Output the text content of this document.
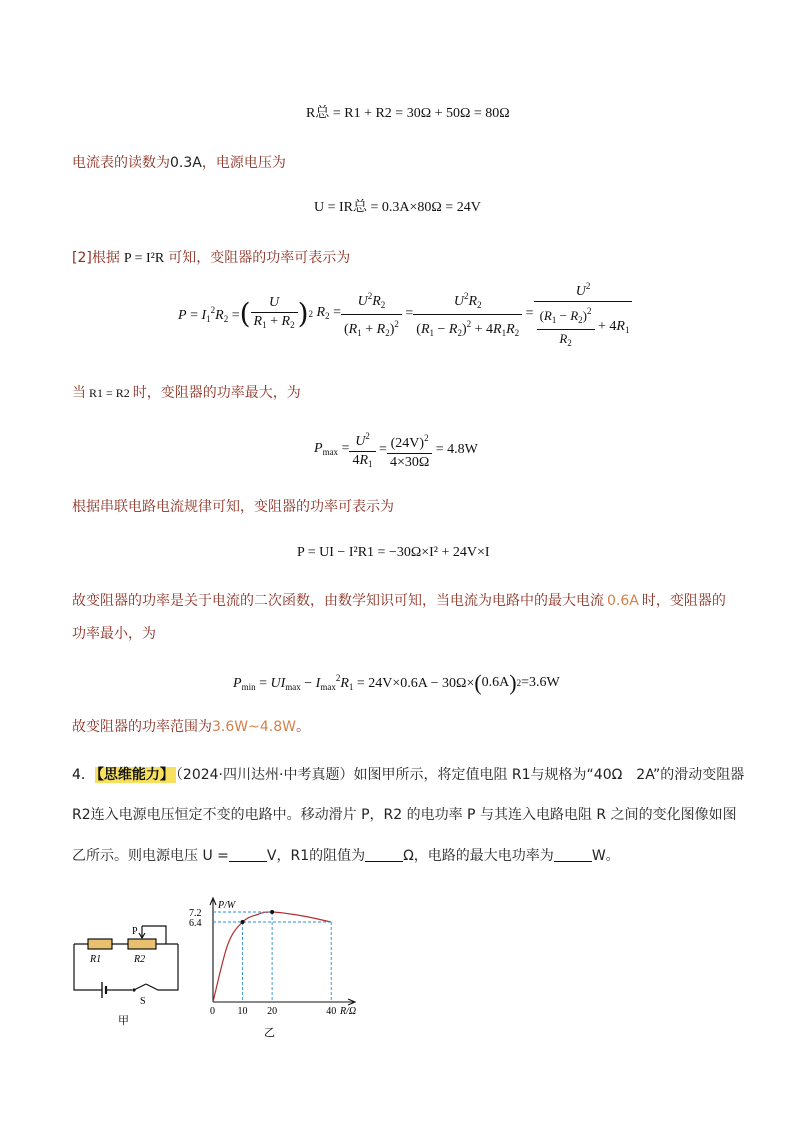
R总 = R1 + R2 = 30Ω + 50Ω = 80Ω
电流表的读数为0.3A，电源电压为
U = IR总 = 0.3A×80Ω = 24V
[2]根据 P = I²R 可知，变阻器的功率可表示为
$P = I_1^2R_2$ = ( $\frac{U}{R_1 + R_2}$ ) 2 $R_2 = \frac{U^2R_2}{(R_1 + R_2)^2} = \frac{U^2R_2}{(R_1 - R_2)^2 + 4R_1R_2} = \frac{U^2}{\frac{(R_1 - R_2)^2}{R_2} + 4R_1}$
当 R1 = R2 时，变阻器的功率最大，为
$P_{max} = \frac{U^2}{4R_1} = \frac{(24V)^2}{4\times 30\Omega}$
= 4.8W
根据串联电路电流规律可知，变阻器的功率可表示为
P = UI − I²R1 = −30Ω×I² + 24V×I
故变阻器的功率是关于电流的二次函数，由数学知识可知，当电流为电路中的最大电流 0.6A 时，变阻器的
功率最小，为
$P_{min} = UI_{max} - I_{max}^2R_1 = 24V\times 0.6A - 30\Omega\times$ ( 0.6A ) 2 =3.6W
故变阻器的功率范围为3.6W~4.8W。
4． 【思维能力】 （2024·四川达州·中考真题）如图甲所示，将定值电阻 R1与规格为“40Ω　2A”的滑动变阻器
R2连入电源电压恒定不变的电路中。移动滑片 P，R2 的电功率 P 与其连入电路电阻 R 之间的变化图像如图
乙所示。则电源电压 U =	V，R1的阻值为	Ω，电路的最大电功率为	W。
P
R1	R2
S
甲
0 10 20	40
6.4
7.2
P/W
R/Ω
乙
